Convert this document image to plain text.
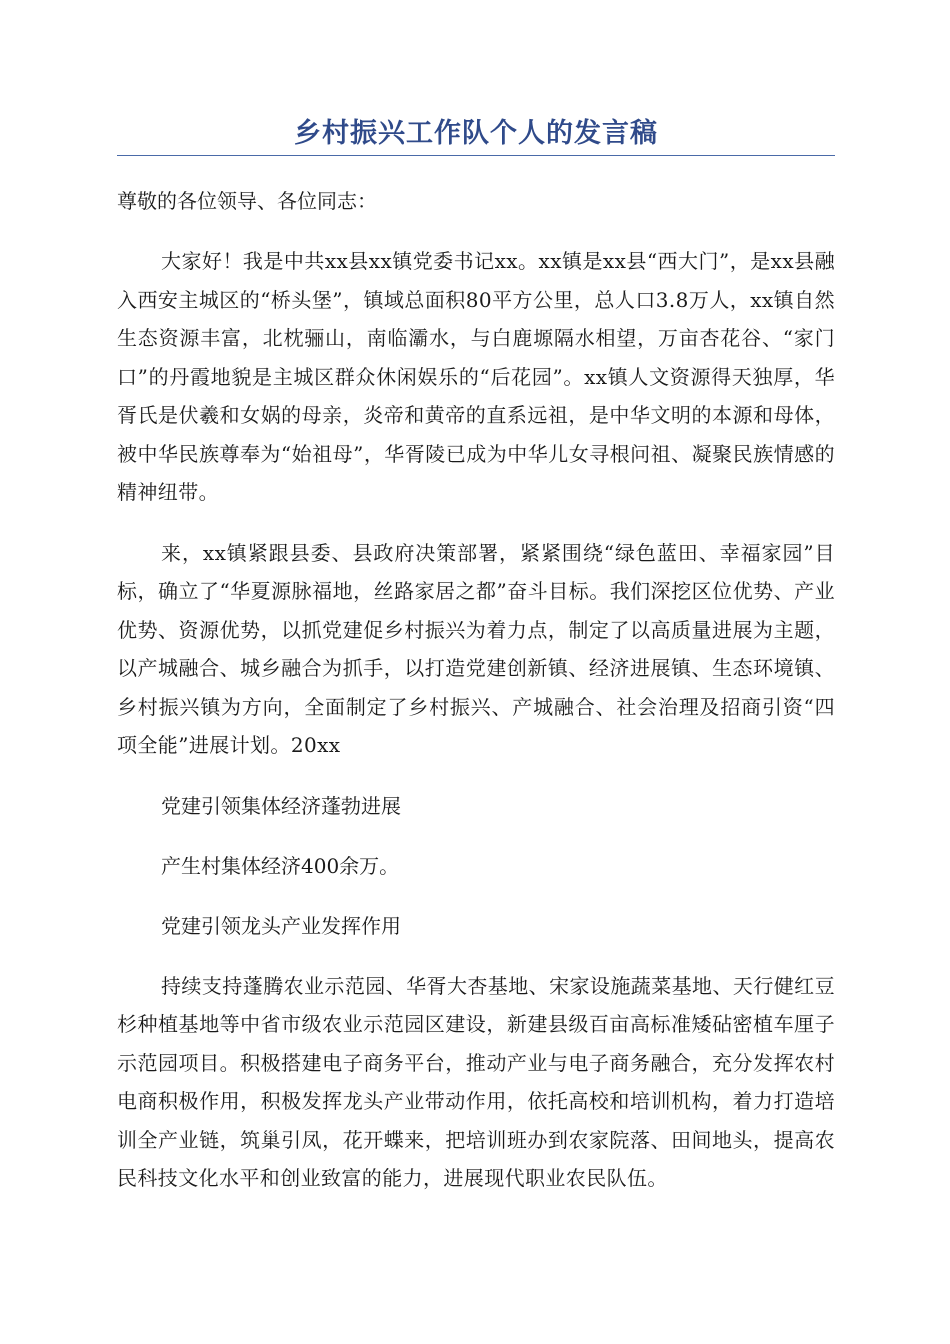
乡村振兴工作队个人的发言稿

尊敬的各位领导、各位同志：

大家好！我是中共xx县xx镇党委书记xx。xx镇是xx县“西大门”，是xx县融入西安主城区的“桥头堡”，镇域总面积80平方公里，总人口3.8万人，xx镇自然生态资源丰富，北枕骊山，南临灞水，与白鹿塬隔水相望，万亩杏花谷、“家门口”的丹霞地貌是主城区群众休闲娱乐的“后花园”。xx镇人文资源得天独厚，华胥氏是伏羲和女娲的母亲，炎帝和黄帝的直系远祖，是中华文明的本源和母体，被中华民族尊奉为“始祖母”，华胥陵已成为中华儿女寻根问祖、凝聚民族情感的精神纽带。

来，xx镇紧跟县委、县政府决策部署，紧紧围绕“绿色蓝田、幸福家园”目标，确立了“华夏源脉福地，丝路家居之都”奋斗目标。我们深挖区位优势、产业优势、资源优势，以抓党建促乡村振兴为着力点，制定了以高质量进展为主题，以产城融合、城乡融合为抓手，以打造党建创新镇、经济进展镇、生态环境镇、乡村振兴镇为方向，全面制定了乡村振兴、产城融合、社会治理及招商引资“四项全能”进展计划。20xx

党建引领集体经济蓬勃进展

产生村集体经济400余万。

党建引领龙头产业发挥作用

持续支持蓬腾农业示范园、华胥大杏基地、宋家设施蔬菜基地、天行健红豆杉种植基地等中省市级农业示范园区建设，新建县级百亩高标准矮砧密植车厘子示范园项目。积极搭建电子商务平台，推动产业与电子商务融合，充分发挥农村电商积极作用，积极发挥龙头产业带动作用，依托高校和培训机构，着力打造培训全产业链，筑巢引凤，花开蝶来，把培训班办到农家院落、田间地头，提高农民科技文化水平和创业致富的能力，进展现代职业农民队伍。
